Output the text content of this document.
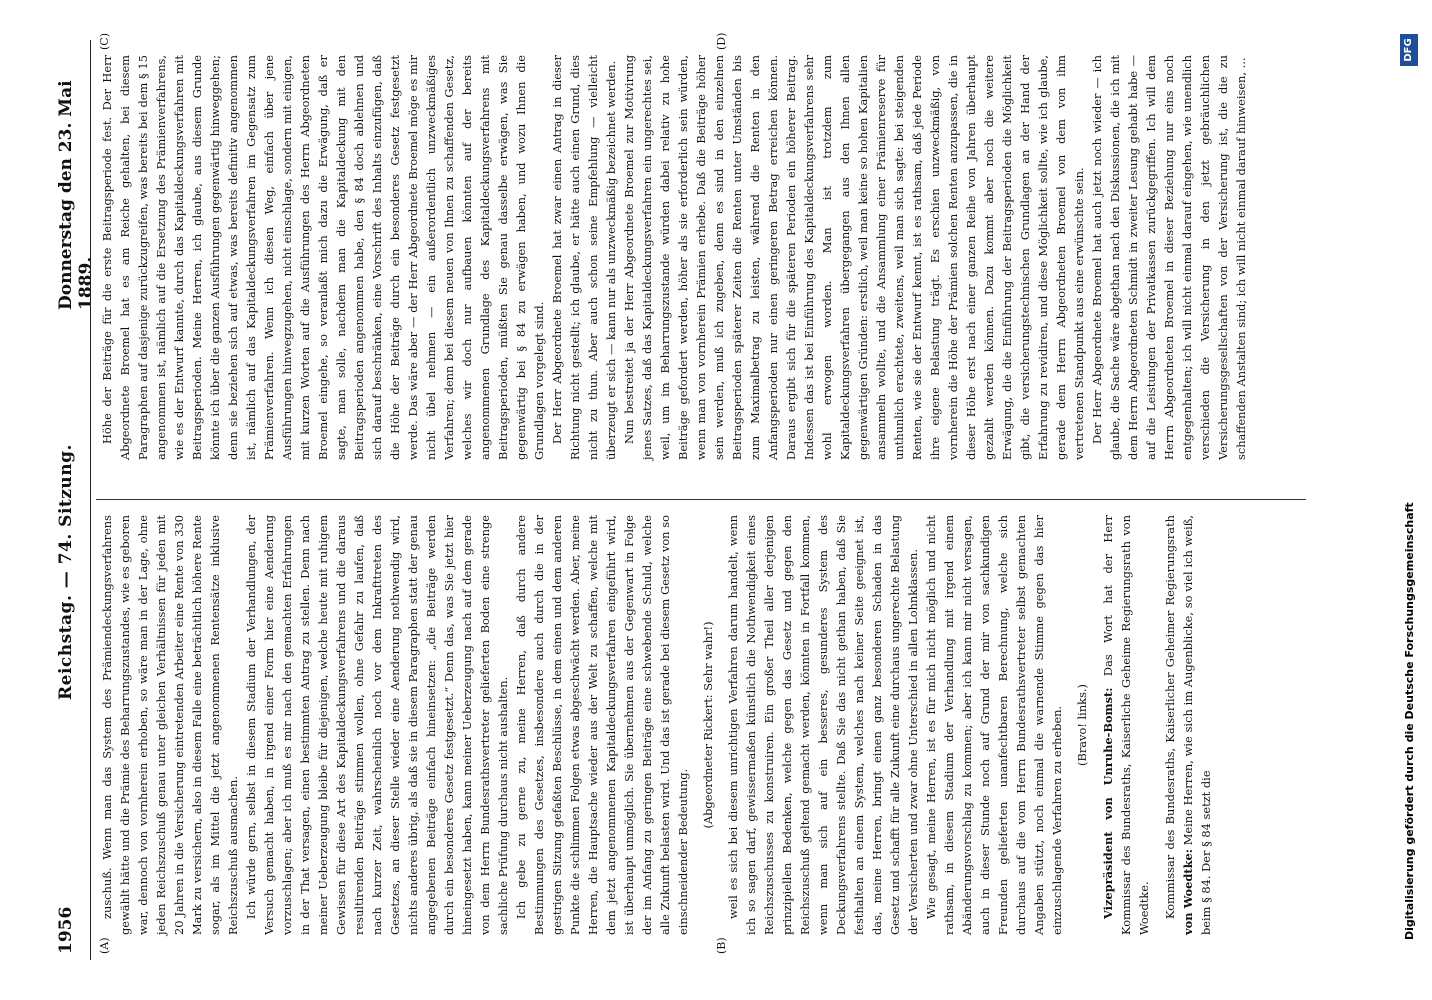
1956
Reichstag. — 74. Sitzung.
Donnerstag den 23. Mai 1889.
(A)	(B)
(C)	(D)

zuschuß. Wenn man das System des Prämiendeckungsverfahrens gewählt hätte und die Prämie des Beharrungszustandes, wie es geboren war, dennoch von vornherein erhoben, so wäre man in der Lage, ohne jeden Reichszuschuß genau unter gleichen Verhältnissen für jeden mit 20 Jahren in die Versicherung eintretenden Arbeiter eine Rente von 330 Mark zu versichern, also in diesem Falle eine beträchtlich höhere Rente sogar, als im Mittel die jetzt angenommenen Rentensätze inklusive Reichszuschuß ausmachen. Ich würde gern, selbst in diesem Stadium der Verhandlungen, der Versuch gemacht haben, in irgend einer Form hier eine Aenderung vorzuschlagen; aber ich muß es mir nach den gemachten Erfahrungen in der That versagen, einen bestimmten Antrag zu stellen. Denn nach meiner Ueberzeugung bleibe für diejenigen, welche heute mit ruhigem Gewissen für diese Art des Kapitaldeckungsverfahrens und die daraus resultirenden Beiträge stimmen wollen, ohne Gefahr zu laufen, daß nach kurzer Zeit, wahrscheinlich noch vor dem Inkrafttreten des Gesetzes, an dieser Stelle wieder eine Aenderung nothwendig wird, nichts anderes übrig, als daß sie in diesem Paragraphen statt der genau angegebenen Beiträge einfach hineinsetzen: „die Beiträge werden durch ein besonderes Gesetz festgesetzt.“ Denn das, was Sie jetzt hier hineingesetzt haben, kann meiner Ueberzeugung nach auf dem gerade von dem Herrn Bundesrathsvertreter gelieferten Boden eine strenge sachliche Prüfung durchaus nicht aushalten. Ich gebe zu gerne zu, meine Herren, daß durch andere Bestimmungen des Gesetzes, insbesondere auch durch die in der gestrigen Sitzung gefaßten Beschlüsse, in dem einen und dem anderen Punkte die schlimmen Folgen etwas abgeschwächt werden. Aber, meine Herren, die Hauptsache wieder aus der Welt zu schaffen, welche mit dem jetzt angenommenen Kapitaldeckungsverfahren eingeführt wird, ist überhaupt unmöglich. Sie übernehmen aus der Gegenwart in Folge der im Anfang zu geringen Beiträge eine schwebende Schuld, welche alle Zukunft belasten wird. Und das ist gerade bei diesem Gesetz von so einschneidender Bedeutung.

(Abgeordneter Rickert: Sehr wahr!) weil es sich bei diesem unrichtigen Verfahren darum handelt, wenn ich so sagen darf, gewissermaßen künstlich die Nothwendigkeit eines Reichszuschusses zu konstruiren. Ein großer Theil aller derjenigen prinzipiellen Bedenken, welche gegen das Gesetz und gegen den Reichszuschuß geltend gemacht werden, könnten in Fortfall kommen, wenn man sich auf ein besseres, gesunderes System des Deckungsverfahrens stellte. Daß Sie das nicht gethan haben, daß Sie festhalten an einem System, welches nach keiner Seite geeignet ist, das, meine Herren, bringt einen ganz besonderen Schaden in das Gesetz und schafft für alle Zukunft eine durchaus ungerechte Belastung der Versicherten und zwar ohne Unterschied in allen Lohnklassen. Wie gesagt, meine Herren, ist es für mich nicht möglich und nicht rathsam, in diesem Stadium der Verhandlung mit irgend einem Abänderungsvorschlag zu kommen; aber ich kann mir nicht versagen, auch in dieser Stunde noch auf Grund der mir von sachkundigen Freunden gelieferten unanfechtbaren Berechnung, welche sich durchaus auf die vom Herrn Bundesrathsvertreter selbst gemachten Angaben stützt, noch einmal die warnende Stimme gegen das hier einzuschlagende Verfahren zu erheben. (Bravo! links.) Vizepräsident von Unruhe-Bomst: Das Wort hat der Herr Kommissar des Bundesraths, Kaiserliche Geheime Regierungsrath von Woedtke. Kommissar des Bundesraths, Kaiserlicher Geheimer Regierungsrath von Woedtke: Meine Herren, wie sich im Augenblicke, so viel ich weiß, beim § 84. Der § 84 setzt die

Höhe der Beiträge für die erste Beitragsperiode fest. Der Herr Abgeordnete Broemel hat es am Reiche gehalten, bei diesem Paragraphen auf dasjenige zurückzugreifen, was bereits bei dem § 15 angenommen ist, nämlich auf die Ersetzung des Prämienverfahrens, wie es der Entwurf kannte, durch das Kapitaldeckungsverfahren mit Beitragsperioden. Meine Herren, ich glaube, aus diesem Grunde könnte ich über die ganzen Ausführungen gegenwärtig hinweggehen; denn sie beziehen sich auf etwas, was bereits definitiv angenommen ist, nämlich auf das Kapitaldeckungsverfahren im Gegensatz zum Prämienverfahren. Wenn ich diesen Weg, einfach über jene Ausführungen hinwegzugehen, nicht einschlage, sondern mit einigen, mit kurzen Worten auf die Ausführungen des Herrn Abgeordneten Broemel eingehe, so veranlaßt mich dazu die Erwägung, daß er sagte, man solle, nachdem man die Kapitaldeckung mit den Beitragsperioden angenommen habe, den § 84 doch ablehnen und sich darauf beschränken, eine Vorschrift des Inhalts einzufügen, daß die Höhe der Beiträge durch ein besonderes Gesetz festgesetzt werde. Das wäre aber — der Herr Abgeordnete Broemel möge es mir nicht übel nehmen — ein außerordentlich unzweckmäßiges Verfahren; denn bei diesem neuen von Ihnen zu schaffenden Gesetz, welches wir doch nur aufbauen könnten auf der bereits angenommenen Grundlage des Kapitaldeckungsverfahrens mit Beitragsperioden, müßten Sie genau dasselbe erwägen, was Sie gegenwärtig bei § 84 zu erwägen haben, und wozu Ihnen die Grundlagen vorgelegt sind. Der Herr Abgeordnete Broemel hat zwar einen Antrag in dieser Richtung nicht gestellt; ich glaube, er hätte auch einen Grund, dies nicht zu thun. Aber auch schon seine Empfehlung — vielleicht überzeugt er sich — kann nur als unzweckmäßig bezeichnet werden. Nun bestreitet ja der Herr Abgeordnete Broemel zur Motivirung jenes Satzes, daß das Kapitaldeckungsverfahren ein ungerechtes sei, weil, um im Beharrungszustande würden dabei relativ zu hohe Beiträge gefordert werden, höher als sie erforderlich sein würden, wenn man von vornherein Prämien erhebe. Daß die Beiträge höher sein werden, muß ich zugeben, denn es sind in den einzelnen Beitragsperioden späterer Zeiten die Renten unter Umständen bis zum Maximalbetrag zu leisten, während die Renten in den Anfangsperioden nur einen geringeren Betrag erreichen können. Daraus ergibt sich für die späteren Perioden ein höherer Beitrag. Indessen das ist bei Einführung des Kapitaldeckungsverfahrens sehr wohl erwogen worden. Man ist trotzdem zum Kapitaldeckungsverfahren übergegangen aus den Ihnen allen gegenwärtigen Gründen: erstlich, weil man keine so hohen Kapitalien ansammeln wollte, und die Ansammlung einer Prämienreserve für unthunlich erachtete, zweitens, weil man sich sagte: bei steigenden Renten, wie sie der Entwurf kennt, ist es rathsam, daß jede Periode ihre eigene Belastung trägt. Es erschien unzweckmäßig, von vornherein die Höhe der Prämien solchen Renten anzupassen, die in dieser Höhe erst nach einer ganzen Reihe von Jahren überhaupt gezahlt werden können. Dazu kommt aber noch die weitere Erwägung, die die Einführung der Beitragsperioden die Möglichkeit gibt, die versicherungstechnischen Grundlagen an der Hand der Erfahrung zu revidiren, und diese Möglichkeit sollte, wie ich glaube, gerade dem Herrn Abgeordneten Broemel von dem von ihm vertretenen Standpunkt aus eine erwünschte sein. Der Herr Abgeordnete Broemel hat auch jetzt noch wieder — ich glaube, die Sache wäre abgethan nach den Diskussionen, die ich mit dem Herrn Abgeordneten Schmidt in zweiter Lesung gehabt habe — auf die Leistungen der Privatkassen zurückgegriffen. Ich will dem Herrn Abgeordneten Broemel in dieser Beziehung nur eins noch entgegenhalten; ich will nicht einmal darauf eingehen, wie unendlich verschieden die Versicherung in den jetzt gebräuchlichen Versicherungsgesellschaften von der Versicherung ist, die die zu schaffenden Anstalten sind; ich will nicht einmal darauf hinweisen, ...

Digitalisierung gefördert durch die Deutsche Forschungsgemeinschaft
DFG
